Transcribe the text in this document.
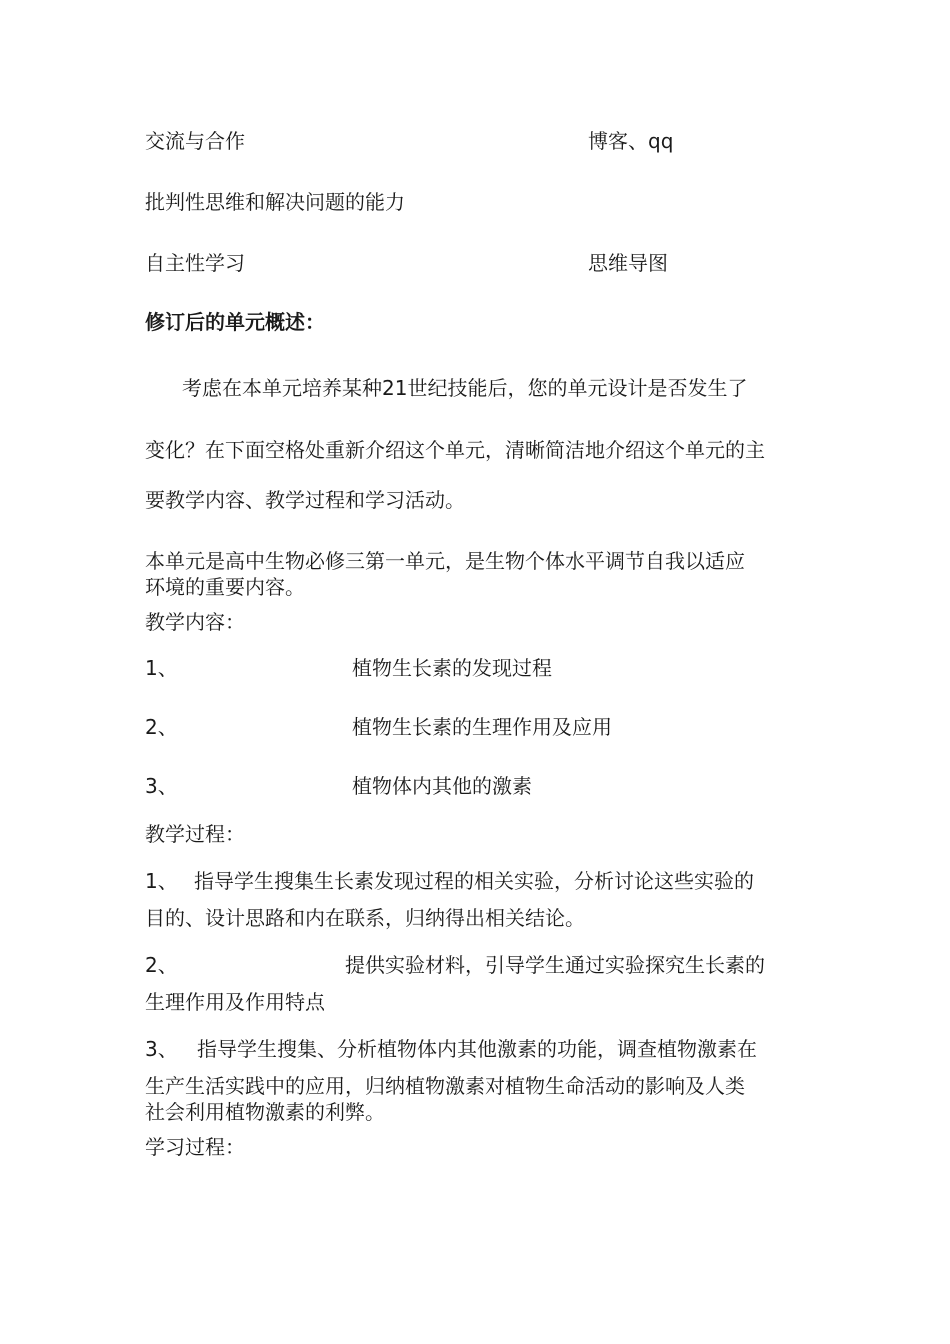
交流与合作	博客、qq
批判性思维和解决问题的能力
自主性学习	思维导图
修订后的单元概述：
考虑在本单元培养某种21世纪技能后，您的单元设计是否发生了
变化？在下面空格处重新介绍这个单元，清晰简洁地介绍这个单元的主
要教学内容、教学过程和学习活动。
本单元是高中生物必修三第一单元，是生物个体水平调节自我以适应
环境的重要内容。
教学内容：
1、	植物生长素的发现过程
2、	植物生长素的生理作用及应用
3、	植物体内其他的激素
教学过程：
1、 指导学生搜集生长素发现过程的相关实验，分析讨论这些实验的
目的、设计思路和内在联系，归纳得出相关结论。
2、	提供实验材料，引导学生通过实验探究生长素的
生理作用及作用特点
3、 指导学生搜集、分析植物体内其他激素的功能，调查植物激素在
生产生活实践中的应用，归纳植物激素对植物生命活动的影响及人类
社会利用植物激素的利弊。
学习过程：
